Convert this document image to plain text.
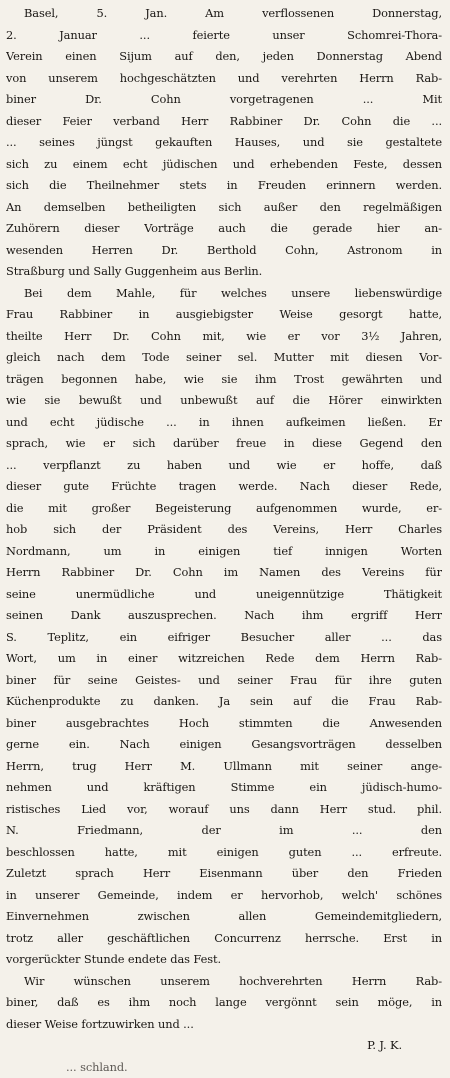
Basel, 5. Jan. Am verflossenen Donnerstag,
2. Januar ... feierte unser Schomrei-Thora-
Verein einen Sijum auf den, jeden Donnerstag Abend
von unserem hochgeschätzten und verehrten Herrn Rab-
biner Dr. Cohn vorgetragenen ... Mit
dieser Feier verband Herr Rabbiner Dr. Cohn die ...
... seines jüngst gekauften Hauses, und sie gestaltete
sich zu einem echt jüdischen und erhebenden Feste, dessen
sich die Theilnehmer stets in Freuden erinnern werden.
An demselben betheiligten sich außer den regelmäßigen
Zuhörern dieser Vorträge auch die gerade hier an-
wesenden Herren Dr. Berthold Cohn, Astronom in
Straßburg und Sally Guggenheim aus Berlin.
Bei dem Mahle, für welches unsere liebenswürdige
Frau Rabbiner in ausgiebigster Weise gesorgt hatte,
theilte Herr Dr. Cohn mit, wie er vor 3½ Jahren,
gleich nach dem Tode seiner sel. Mutter mit diesen Vor-
trägen begonnen habe, wie sie ihm Trost gewährten und
wie sie bewußt und unbewußt auf die Hörer einwirkten
und echt jüdische ... in ihnen aufkeimen ließen. Er
sprach, wie er sich darüber freue in diese Gegend den
... verpflanzt zu haben und wie er hoffe, daß
dieser gute Früchte tragen werde. Nach dieser Rede,
die mit großer Begeisterung aufgenommen wurde, er-
hob sich der Präsident des Vereins, Herr Charles
Nordmann, um in einigen tief innigen Worten
Herrn Rabbiner Dr. Cohn im Namen des Vereins für
seine unermüdliche und uneigennützige Thätigkeit
seinen Dank auszusprechen. Nach ihm ergriff Herr
S. Teplitz, ein eifriger Besucher aller ... das
Wort, um in einer witzreichen Rede dem Herrn Rab-
biner für seine Geistes- und seiner Frau für ihre guten
Küchenprodukte zu danken. Ja sein auf die Frau Rab-
biner ausgebrachtes Hoch stimmten die Anwesenden
gerne ein. Nach einigen Gesangsvorträgen desselben
Herrn, trug Herr M. Ullmann mit seiner ange-
nehmen und kräftigen Stimme ein jüdisch-humo-
ristisches Lied vor, worauf uns dann Herr stud. phil.
N. Friedmann, der im ... den
beschlossen hatte, mit einigen guten ... erfreute.
Zuletzt sprach Herr Eisenmann über den Frieden
in unserer Gemeinde, indem er hervorhob, welch' schönes
Einvernehmen zwischen allen Gemeindemitgliedern,
trotz aller geschäftlichen Concurrenz herrsche. Erst in
vorgerückter Stunde endete das Fest.
Wir wünschen unserem hochverehrten Herrn Rab-
biner, daß es ihm noch lange vergönnt sein möge, in
dieser Weise fortzuwirken und ...
P. J. K.
... schland.
